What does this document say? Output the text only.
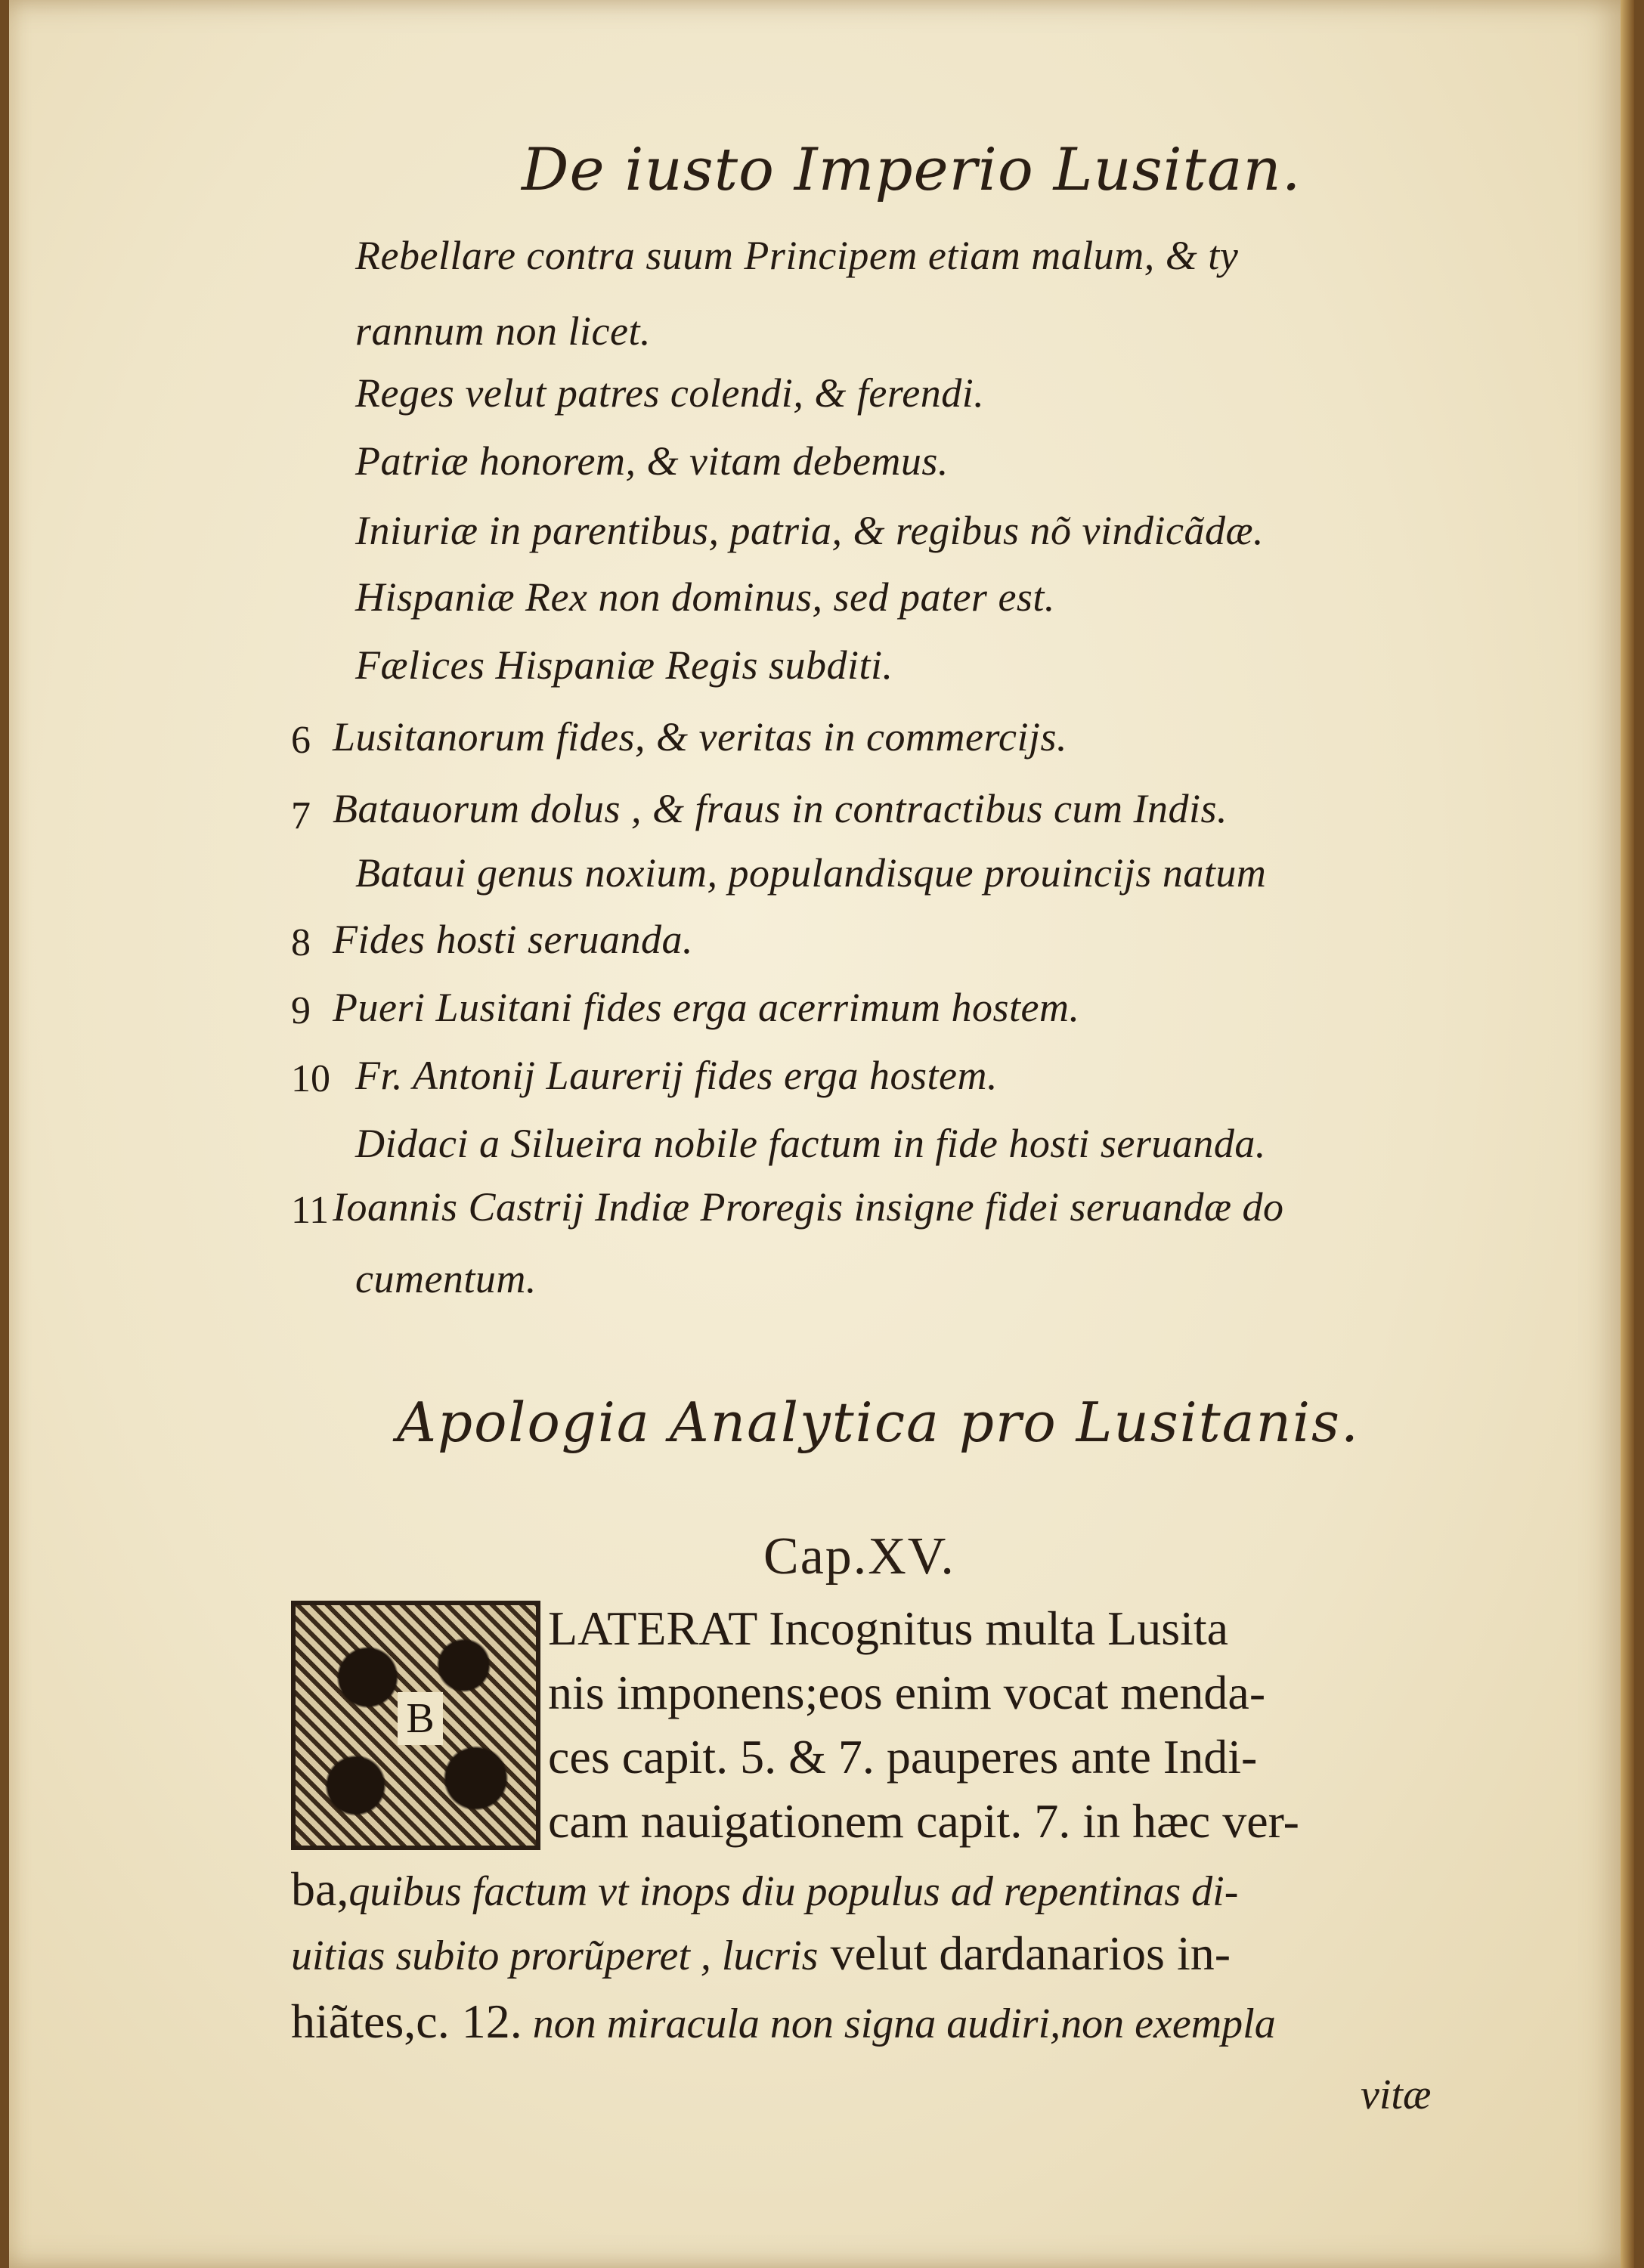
De iusto Imperio Lusitan.
Rebellare contra suum Principem etiam malum, & ty
rannum non licet.
Reges velut patres colendi, & ferendi.
Patriæ honorem, & vitam debemus.
Iniuriæ in parentibus, patria, & regibus nõ vindicãdæ.
Hispaniæ Rex non dominus, sed pater est.
Fælices Hispaniæ Regis subditi.
6 Lusitanorum fides, & veritas in commercijs.
7 Batauorum dolus , & fraus in contractibus cum Indis.
Bataui genus noxium, populandisque prouincijs natum
8 Fides hosti seruanda.
9 Pueri Lusitani fides erga acerrimum hostem.
10 Fr. Antonij Laurerij fides erga hostem.
Didaci a Silueira nobile factum in fide hosti seruanda.
11 Ioannis Castrij Indiæ Proregis insigne fidei seruandæ do
cumentum.
Apologia Analytica pro Lusitanis.
Cap.XV.
B
LATERAT Incognitus multa Lusita
nis imponens;eos enim vocat menda-
ces capit. 5. & 7. pauperes ante Indi-
cam nauigationem capit. 7. in hæc ver-
ba,quibus factum vt inops diu populus ad repentinas di-
uitias subito prorũperet , lucris velut dardanarios in-
hiãtes,c. 12. non miracula non signa audiri,non exempla
vitæ
